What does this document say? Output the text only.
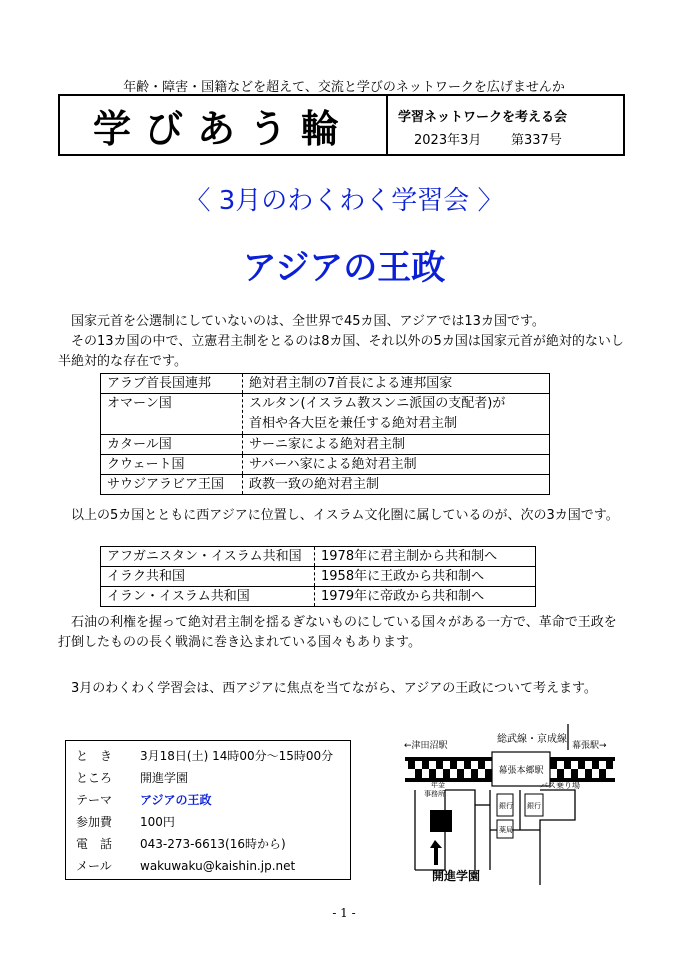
年齢・障害・国籍などを超えて、交流と学びのネットワークを広げませんか
学びあう輪	学習ネットワークを考える会
2023年3月 第337号
〈 3月のわくわく学習会 〉
アジアの王政
国家元首を公選制にしていないのは、全世界で45カ国、アジアでは13カ国です。
その13カ国の中で、立憲君主制をとるのは8カ国、それ以外の5カ国は国家元首が絶対的ないし半絶対的な存在です。
アラブ首長国連邦	絶対君主制の7首長による連邦国家
オマーン国	スルタン(イスラム教スンニ派国の支配者)が
首相や各大臣を兼任する絶対君主制

カタール国	サーニ家による絶対君主制
クウェート国	サバーハ家による絶対君主制
サウジアラビア王国	政教一致の絶対君主制
以上の5カ国とともに西アジアに位置し、イスラム文化圏に属しているのが、次の3カ国です。
アフガニスタン・イスラム共和国	1978年に君主制から共和制へ
イラク共和国	1958年に王政から共和制へ
イラン・イスラム共和国	1979年に帝政から共和制へ
石油の利権を握って絶対君主制を揺るぎないものにしている国々がある一方で、革命で王政を打倒したものの長く戦渦に巻き込まれている国々もあります。
3月のわくわく学習会は、西アジアに焦点を当てながら、アジアの王政について考えます。
と　き	3月18日(土) 14時00分～15時00分
ところ	開進学園
テーマ	アジアの王政
参加費	100円
電　話	043-273-6613(16時から)
メール	wakuwaku@kaishin.jp.net
幕張本郷駅
総武線・京成線
←津田沼駅	幕張駅→
年金
事務所
銀行 銀行
薬局
バス乗り場
開進学園
- 1 -
